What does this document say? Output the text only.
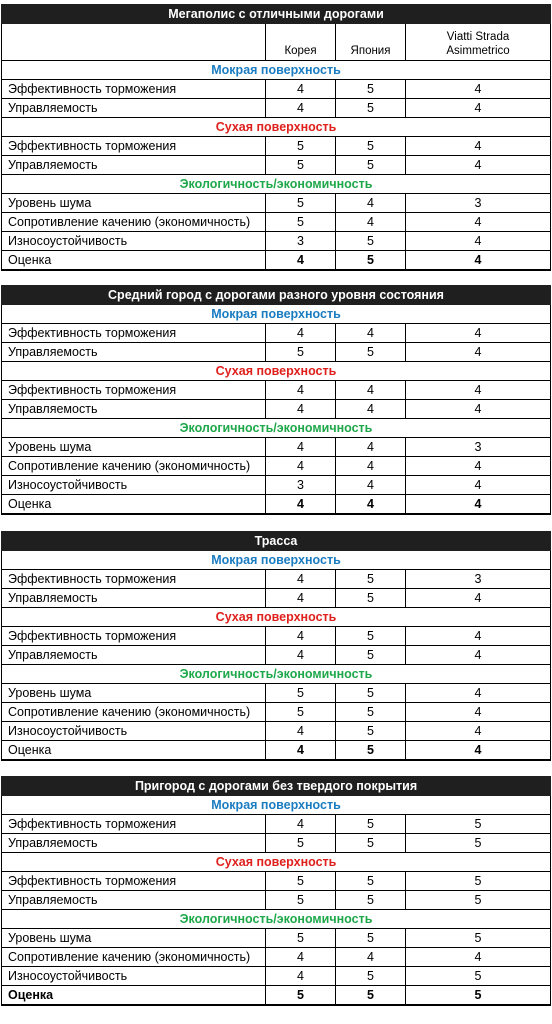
Мегаполис с отличными дорогами			
	Корея	Япония	Viatti Strada
Asimmetrico
Мокрая поверхность			
Эффективность торможения	4	5	4
Управляемость	4	5	4
Сухая поверхность			
Эффективность торможения	5	5	4
Управляемость	5	5	4
Экологичность/экономичность			
Уровень шума	5	4	3
Сопротивление качению (экономичность)	5	4	4
Износоустойчивость	3	5	4
Оценка	4	5	4
Средний город с дорогами разного уровня состояния			
Мокрая поверхность			
Эффективность торможения	4	4	4
Управляемость	5	5	4
Сухая поверхность			
Эффективность торможения	4	4	4
Управляемость	4	4	4
Экологичность/экономичность			
Уровень шума	4	4	3
Сопротивление качению (экономичность)	4	4	4
Износоустойчивость	3	4	4
Оценка	4	4	4
Трасса			
Мокрая поверхность			
Эффективность торможения	4	5	3
Управляемость	4	5	4
Сухая поверхность			
Эффективность торможения	4	5	4
Управляемость	4	5	4
Экологичность/экономичность			
Уровень шума	5	5	4
Сопротивление качению (экономичность)	5	5	4
Износоустойчивость	4	5	4
Оценка	4	5	4
Пригород с дорогами без твердого покрытия			
Мокрая поверхность			
Эффективность торможения	4	5	5
Управляемость	5	5	5
Сухая поверхность			
Эффективность торможения	5	5	5
Управляемость	5	5	5
Экологичность/экономичность			
Уровень шума	5	5	5
Сопротивление качению (экономичность)	4	4	4
Износоустойчивость	4	5	5
Оценка	5	5	5
